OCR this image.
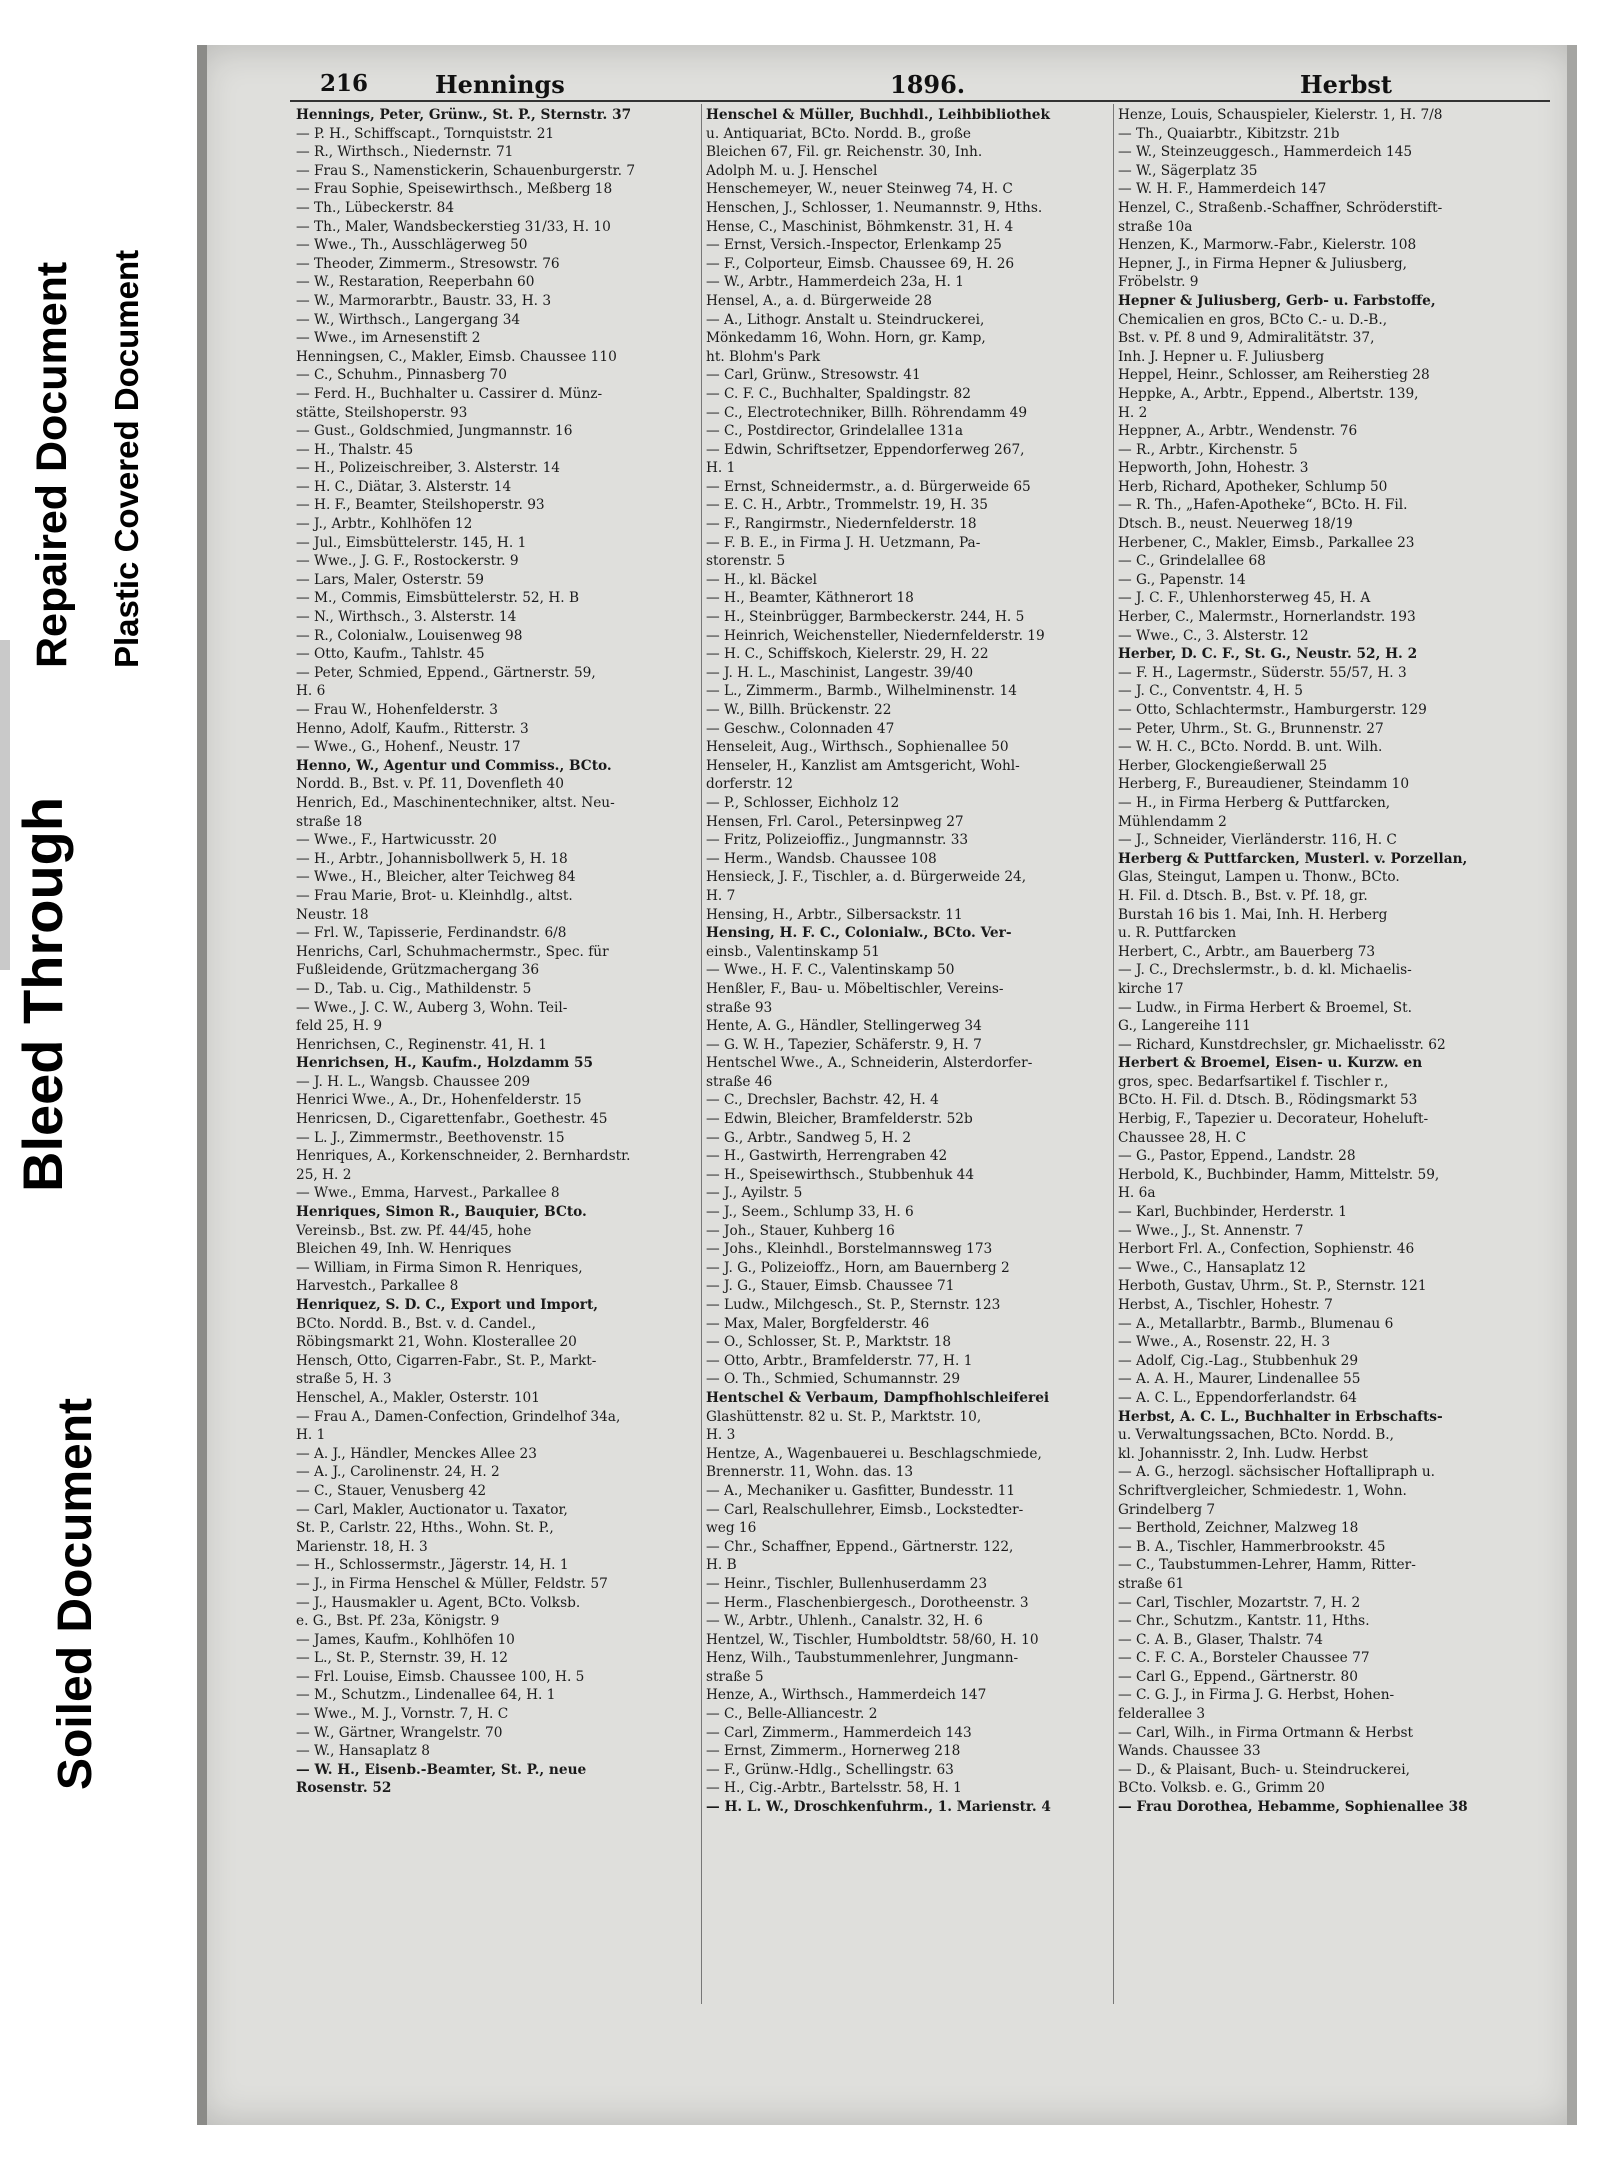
Repaired Document Plastic Covered Document
Bleed Through
Soiled Document
216	Hennings	1896.	Herbst

Hennings, Peter, Grünw., St. P., Sternstr. 37

— P. H., Schiffscapt., Tornquiststr. 21

— R., Wirthsch., Niedernstr. 71

— Frau S., Namenstickerin, Schauenburgerstr. 7

— Frau Sophie, Speisewirthsch., Meßberg 18

— Th., Lübeckerstr. 84

— Th., Maler, Wandsbeckerstieg 31/33, H. 10

— Wwe., Th., Ausschlägerweg 50

— Theoder, Zimmerm., Stresowstr. 76

— W., Restaration, Reeperbahn 60

— W., Marmorarbtr., Baustr. 33, H. 3

— W., Wirthsch., Langergang 34

— Wwe., im Arnesenstift 2

Henningsen, C., Makler, Eimsb. Chaussee 110

— C., Schuhm., Pinnasberg 70

— Ferd. H., Buchhalter u. Cassirer d. Münz-

stätte, Steilshoperstr. 93

— Gust., Goldschmied, Jungmannstr. 16

— H., Thalstr. 45

— H., Polizeischreiber, 3. Alsterstr. 14

— H. C., Diätar, 3. Alsterstr. 14

— H. F., Beamter, Steilshoperstr. 93

— J., Arbtr., Kohlhöfen 12

— Jul., Eimsbüttelerstr. 145, H. 1

— Wwe., J. G. F., Rostockerstr. 9

— Lars, Maler, Osterstr. 59

— M., Commis, Eimsbüttelerstr. 52, H. B

— N., Wirthsch., 3. Alsterstr. 14

— R., Colonialw., Louisenweg 98

— Otto, Kaufm., Tahlstr. 45

— Peter, Schmied, Eppend., Gärtnerstr. 59,

H. 6

— Frau W., Hohenfelderstr. 3

Henno, Adolf, Kaufm., Ritterstr. 3

— Wwe., G., Hohenf., Neustr. 17

Henno, W., Agentur und Commiss., BCto.

Nordd. B., Bst. v. Pf. 11, Dovenfleth 40

Henrich, Ed., Maschinentechniker, altst. Neu-

straße 18

— Wwe., F., Hartwicusstr. 20

— H., Arbtr., Johannisbollwerk 5, H. 18

— Wwe., H., Bleicher, alter Teichweg 84

— Frau Marie, Brot- u. Kleinhdlg., altst.

Neustr. 18

— Frl. W., Tapisserie, Ferdinandstr. 6/8

Henrichs, Carl, Schuhmachermstr., Spec. für

Fußleidende, Grützmachergang 36

— D., Tab. u. Cig., Mathildenstr. 5

— Wwe., J. C. W., Auberg 3, Wohn. Teil-

feld 25, H. 9

Henrichsen, C., Reginenstr. 41, H. 1

Henrichsen, H., Kaufm., Holzdamm 55

— J. H. L., Wangsb. Chaussee 209

Henrici Wwe., A., Dr., Hohenfelderstr. 15

Henricsen, D., Cigarettenfabr., Goethestr. 45

— L. J., Zimmermstr., Beethovenstr. 15

Henriques, A., Korkenschneider, 2. Bernhardstr.

25, H. 2

— Wwe., Emma, Harvest., Parkallee 8

Henriques, Simon R., Bauquier, BCto.

Vereinsb., Bst. zw. Pf. 44/45, hohe

Bleichen 49, Inh. W. Henriques

— William, in Firma Simon R. Henriques,

Harvestch., Parkallee 8

Henriquez, S. D. C., Export und Import,

BCto. Nordd. B., Bst. v. d. Candel.,

Röbingsmarkt 21, Wohn. Klosterallee 20

Hensch, Otto, Cigarren-Fabr., St. P., Markt-

straße 5, H. 3

Henschel, A., Makler, Osterstr. 101

— Frau A., Damen-Confection, Grindelhof 34a,

H. 1

— A. J., Händler, Menckes Allee 23

— A. J., Carolinenstr. 24, H. 2

— C., Stauer, Venusberg 42

— Carl, Makler, Auctionator u. Taxator,

St. P., Carlstr. 22, Hths., Wohn. St. P.,

Marienstr. 18, H. 3

— H., Schlossermstr., Jägerstr. 14, H. 1

— J., in Firma Henschel & Müller, Feldstr. 57

— J., Hausmakler u. Agent, BCto. Volksb.

e. G., Bst. Pf. 23a, Königstr. 9

— James, Kaufm., Kohlhöfen 10

— L., St. P., Sternstr. 39, H. 12

— Frl. Louise, Eimsb. Chaussee 100, H. 5

— M., Schutzm., Lindenallee 64, H. 1

— Wwe., M. J., Vornstr. 7, H. C

— W., Gärtner, Wrangelstr. 70

— W., Hansaplatz 8

— W. H., Eisenb.-Beamter, St. P., neue

Rosenstr. 52

Henschel & Müller, Buchhdl., Leihbibliothek

u. Antiquariat, BCto. Nordd. B., große

Bleichen 67, Fil. gr. Reichenstr. 30, Inh.

Adolph M. u. J. Henschel

Henschemeyer, W., neuer Steinweg 74, H. C

Henschen, J., Schlosser, 1. Neumannstr. 9, Hths.

Hense, C., Maschinist, Böhmkenstr. 31, H. 4

— Ernst, Versich.-Inspector, Erlenkamp 25

— F., Colporteur, Eimsb. Chaussee 69, H. 26

— W., Arbtr., Hammerdeich 23a, H. 1

Hensel, A., a. d. Bürgerweide 28

— A., Lithogr. Anstalt u. Steindruckerei,

Mönkedamm 16, Wohn. Horn, gr. Kamp,

ht. Blohm's Park

— Carl, Grünw., Stresowstr. 41

— C. F. C., Buchhalter, Spaldingstr. 82

— C., Electrotechniker, Billh. Röhrendamm 49

— C., Postdirector, Grindelallee 131a

— Edwin, Schriftsetzer, Eppendorferweg 267,

H. 1

— Ernst, Schneidermstr., a. d. Bürgerweide 65

— E. C. H., Arbtr., Trommelstr. 19, H. 35

— F., Rangirmstr., Niedernfelderstr. 18

— F. B. E., in Firma J. H. Uetzmann, Pa-

storenstr. 5

— H., kl. Bäckel

— H., Beamter, Käthnerort 18

— H., Steinbrügger, Barmbeckerstr. 244, H. 5

— Heinrich, Weichensteller, Niedernfelderstr. 19

— H. C., Schiffskoch, Kielerstr. 29, H. 22

— J. H. L., Maschinist, Langestr. 39/40

— L., Zimmerm., Barmb., Wilhelminenstr. 14

— W., Billh. Brückenstr. 22

— Geschw., Colonnaden 47

Henseleit, Aug., Wirthsch., Sophienallee 50

Henseler, H., Kanzlist am Amtsgericht, Wohl-

dorferstr. 12

— P., Schlosser, Eichholz 12

Hensen, Frl. Carol., Petersinpweg 27

— Fritz, Polizeioffiz., Jungmannstr. 33

— Herm., Wandsb. Chaussee 108

Hensieck, J. F., Tischler, a. d. Bürgerweide 24,

H. 7

Hensing, H., Arbtr., Silbersackstr. 11

Hensing, H. F. C., Colonialw., BCto. Ver-

einsb., Valentinskamp 51

— Wwe., H. F. C., Valentinskamp 50

Henßler, F., Bau- u. Möbeltischler, Vereins-

straße 93

Hente, A. G., Händler, Stellingerweg 34

— G. W. H., Tapezier, Schäferstr. 9, H. 7

Hentschel Wwe., A., Schneiderin, Alsterdorfer-

straße 46

— C., Drechsler, Bachstr. 42, H. 4

— Edwin, Bleicher, Bramfelderstr. 52b

— G., Arbtr., Sandweg 5, H. 2

— H., Gastwirth, Herrengraben 42

— H., Speisewirthsch., Stubbenhuk 44

— J., Ayilstr. 5

— J., Seem., Schlump 33, H. 6

— Joh., Stauer, Kuhberg 16

— Johs., Kleinhdl., Borstelmannsweg 173

— J. G., Polizeioffz., Horn, am Bauernberg 2

— J. G., Stauer, Eimsb. Chaussee 71

— Ludw., Milchgesch., St. P., Sternstr. 123

— Max, Maler, Borgfelderstr. 46

— O., Schlosser, St. P., Marktstr. 18

— Otto, Arbtr., Bramfelderstr. 77, H. 1

— O. Th., Schmied, Schumannstr. 29

Hentschel & Verbaum, Dampfhohlschleiferei

Glashüttenstr. 82 u. St. P., Marktstr. 10,

H. 3

Hentze, A., Wagenbauerei u. Beschlagschmiede,

Brennerstr. 11, Wohn. das. 13

— A., Mechaniker u. Gasfitter, Bundesstr. 11

— Carl, Realschullehrer, Eimsb., Lockstedter-

weg 16

— Chr., Schaffner, Eppend., Gärtnerstr. 122,

H. B

— Heinr., Tischler, Bullenhuserdamm 23

— Herm., Flaschenbiergesch., Dorotheenstr. 3

— W., Arbtr., Uhlenh., Canalstr. 32, H. 6

Hentzel, W., Tischler, Humboldtstr. 58/60, H. 10

Henz, Wilh., Taubstummenlehrer, Jungmann-

straße 5

Henze, A., Wirthsch., Hammerdeich 147

— C., Belle-Alliancestr. 2

— Carl, Zimmerm., Hammerdeich 143

— Ernst, Zimmerm., Hornerweg 218

— F., Grünw.-Hdlg., Schellingstr. 63

— H., Cig.-Arbtr., Bartelsstr. 58, H. 1

— H. L. W., Droschkenfuhrm., 1. Marienstr. 4

Henze, Louis, Schauspieler, Kielerstr. 1, H. 7/8

— Th., Quaiarbtr., Kibitzstr. 21b

— W., Steinzeuggesch., Hammerdeich 145

— W., Sägerplatz 35

— W. H. F., Hammerdeich 147

Henzel, C., Straßenb.-Schaffner, Schröderstift-

straße 10a

Henzen, K., Marmorw.-Fabr., Kielerstr. 108

Hepner, J., in Firma Hepner & Juliusberg,

Fröbelstr. 9

Hepner & Juliusberg, Gerb- u. Farbstoffe,

Chemicalien en gros, BCto C.- u. D.-B.,

Bst. v. Pf. 8 und 9, Admiralitätstr. 37,

Inh. J. Hepner u. F. Juliusberg

Heppel, Heinr., Schlosser, am Reiherstieg 28

Heppke, A., Arbtr., Eppend., Albertstr. 139,

H. 2

Heppner, A., Arbtr., Wendenstr. 76

— R., Arbtr., Kirchenstr. 5

Hepworth, John, Hohestr. 3

Herb, Richard, Apotheker, Schlump 50

— R. Th., „Hafen-Apotheke“, BCto. H. Fil.

Dtsch. B., neust. Neuerweg 18/19

Herbener, C., Makler, Eimsb., Parkallee 23

— C., Grindelallee 68

— G., Papenstr. 14

— J. C. F., Uhlenhorsterweg 45, H. A

Herber, C., Malermstr., Hornerlandstr. 193

— Wwe., C., 3. Alsterstr. 12

Herber, D. C. F., St. G., Neustr. 52, H. 2

— F. H., Lagermstr., Süderstr. 55/57, H. 3

— J. C., Conventstr. 4, H. 5

— Otto, Schlachtermstr., Hamburgerstr. 129

— Peter, Uhrm., St. G., Brunnenstr. 27

— W. H. C., BCto. Nordd. B. unt. Wilh.

Herber, Glockengießerwall 25

Herberg, F., Bureaudiener, Steindamm 10

— H., in Firma Herberg & Puttfarcken,

Mühlendamm 2

— J., Schneider, Vierländerstr. 116, H. C

Herberg & Puttfarcken, Musterl. v. Porzellan,

Glas, Steingut, Lampen u. Thonw., BCto.

H. Fil. d. Dtsch. B., Bst. v. Pf. 18, gr.

Burstah 16 bis 1. Mai, Inh. H. Herberg

u. R. Puttfarcken

Herbert, C., Arbtr., am Bauerberg 73

— J. C., Drechslermstr., b. d. kl. Michaelis-

kirche 17

— Ludw., in Firma Herbert & Broemel, St.

G., Langereihe 111

— Richard, Kunstdrechsler, gr. Michaelisstr. 62

Herbert & Broemel, Eisen- u. Kurzw. en

gros, spec. Bedarfsartikel f. Tischler r.,

BCto. H. Fil. d. Dtsch. B., Rödingsmarkt 53

Herbig, F., Tapezier u. Decorateur, Hoheluft-

Chaussee 28, H. C

— G., Pastor, Eppend., Landstr. 28

Herbold, K., Buchbinder, Hamm, Mittelstr. 59,

H. 6a

— Karl, Buchbinder, Herderstr. 1

— Wwe., J., St. Annenstr. 7

Herbort Frl. A., Confection, Sophienstr. 46

— Wwe., C., Hansaplatz 12

Herboth, Gustav, Uhrm., St. P., Sternstr. 121

Herbst, A., Tischler, Hohestr. 7

— A., Metallarbtr., Barmb., Blumenau 6

— Wwe., A., Rosenstr. 22, H. 3

— Adolf, Cig.-Lag., Stubbenhuk 29

— A. A. H., Maurer, Lindenallee 55

— A. C. L., Eppendorferlandstr. 64

Herbst, A. C. L., Buchhalter in Erbschafts-

u. Verwaltungssachen, BCto. Nordd. B.,

kl. Johannisstr. 2, Inh. Ludw. Herbst

— A. G., herzogl. sächsischer Hoftallipraph u.

Schriftvergleicher, Schmiedestr. 1, Wohn.

Grindelberg 7

— Berthold, Zeichner, Malzweg 18

— B. A., Tischler, Hammerbrookstr. 45

— C., Taubstummen-Lehrer, Hamm, Ritter-

straße 61

— Carl, Tischler, Mozartstr. 7, H. 2

— Chr., Schutzm., Kantstr. 11, Hths.

— C. A. B., Glaser, Thalstr. 74

— C. F. C. A., Borsteler Chaussee 77

— Carl G., Eppend., Gärtnerstr. 80

— C. G. J., in Firma J. G. Herbst, Hohen-

felderallee 3

— Carl, Wilh., in Firma Ortmann & Herbst

Wands. Chaussee 33

— D., & Plaisant, Buch- u. Steindruckerei,

BCto. Volksb. e. G., Grimm 20

— Frau Dorothea, Hebamme, Sophienallee 38
